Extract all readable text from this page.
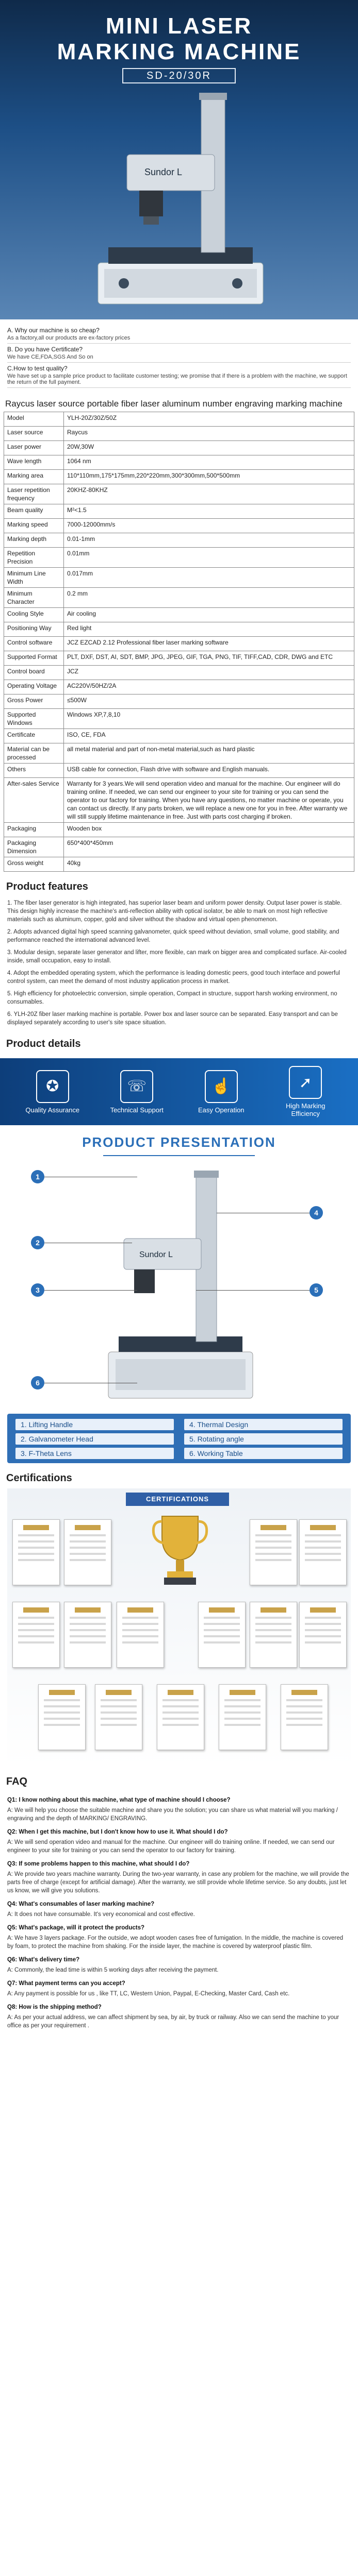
MINI LASER
MARKING MACHINE
SD-20/30R
Sundor L
A. Why our machine is so cheap?
As a factory,all our products are ex-factory prices
B. Do you have Certificate?
We have CE,FDA,SGS And So on
C.How to test quality?
We have set up a sample price product to facilitate customer testing; we promise that if there is a problem with the machine, we support the return of the full payment.
Raycus laser source portable fiber laser aluminum number engraving marking machine
Model	YLH-20Z/30Z/50Z
Laser source	Raycus
Laser power	20W,30W
Wave length	1064 nm
Marking area	110*110mm,175*175mm,220*220mm,300*300mm,500*500mm
Laser repetition frequency	20KHZ-80KHZ
Beam quality	M²<1.5
Marking speed	7000-12000mm/s
Marking depth	0.01-1mm
Repetition Precision	0.01mm
Minimum Line Width	0.017mm
Minimum Character	0.2 mm
Cooling Style	Air cooling
Positioning Way	Red light
Control software	JCZ EZCAD 2.12 Professional fiber laser marking software
Supported Format	PLT, DXF, DST, AI, SDT, BMP, JPG, JPEG, GIF, TGA, PNG, TIF, TIFF,CAD, CDR, DWG and ETC
Control board	JCZ
Operating Voltage	AC220V/50HZ/2A
Gross Power	≤500W
Supported Windows	Windows XP,7,8,10
Certificate	ISO, CE, FDA
Material can be processed	all metal material and part of non-metal material,such as hard plastic
Others	USB cable for connection, Flash drive with software and English manuals.
After-sales Service	Warranty for 3 years.We will send operation video and manual for the machine. Our engineer will do training online. If needed, we can send our engineer to your site for training or you can send the operator to our factory for training. When you have any questions, no matter machine or operate, you can contact us directly. If any parts broken, we will replace a new one for you in free. After warranty we will still supply lifetime maintenance in free. Just with parts cost charging if broken.
Packaging	Wooden box
Packaging Dimension	650*400*450mm
Gross weight	40kg
Product features

1. The fiber laser generator is high integrated, has superior laser beam and uniform power density. Output laser power is stable. This design highly increase the machine's anti-reflection ability with optical isolator, be able to mark on most high reflective materials such as aluminum, copper, gold and silver without the shadow and virtual open phenomenon.

2. Adopts advanced digital high speed scanning galvanometer, quick speed without deviation, small volume, good stability, and performance reached the international advanced level.

3. Modular design, separate laser generator and lifter, more flexible, can mark on bigger area and complicated surface. Air-cooled inside, small occupation, easy to install.

4. Adopt the embedded operating system, which the performance is leading domestic peers, good touch interface and powerful control system, can meet the demand of most industry application process in market.

5. High efficiency for photoelectric conversion, simple operation, Compact in structure, support harsh working environment, no consumables.

6. YLH-20Z fiber laser marking machine is portable. Power box and laser source can be separated. Easy transport and can be displayed separately according to user's site space situation.

Product details
✪
Quality Assurance
☏
Technical Support
☝
Easy Operation
➚
High Marking Efficiency
PRODUCT PRESENTATION
Sundor L
1
2
3
4
5
6
1. Lifting Handle	4. Thermal Design
2. Galvanometer Head	5. Rotating angle
3. F-Theta Lens	6. Working Table
Certifications
CERTIFICATIONS
FAQ

Q1: I know nothing about this machine, what type of machine should I choose?

A: We will help you choose the suitable machine and share you the solution; you can share us what material will you marking / engraving and the depth of MARKING/ ENGRAVING.

Q2: When I get this machine, but I don't know how to use it. What should I do?

A: We will send operation video and manual for the machine. Our engineer will do training online. If needed, we can send our engineer to your site for training or you can send the operator to our factory for training.

Q3: If some problems happen to this machine, what should I do?

A: We provide two years machine warranty. During the two-year warranty, in case any problem for the machine, we will provide the parts free of charge (except for artificial damage). After the warranty, we still provide whole lifetime service. So any doubts, just let us know, we will give you solutions.

Q4: What's consumables of laser marking machine?

A: It does not have consumable. It's very economical and cost effective.

Q5: What's package, will it protect the products?

A: We have 3 layers package. For the outside, we adopt wooden cases free of fumigation. In the middle, the machine is covered by foam, to protect the machine from shaking. For the inside layer, the machine is covered by waterproof plastic film.

Q6: What's delivery time?

A: Commonly, the lead time is within 5 working days after receiving the payment.

Q7: What payment terms can you accept?

A: Any payment is possible for us , like TT, LC, Western Union, Paypal, E-Checking, Master Card, Cash etc.

Q8: How is the shipping method?

A: As per your actual address, we can affect shipment by sea, by air, by truck or railway. Also we can send the machine to your office as per your requirement .
